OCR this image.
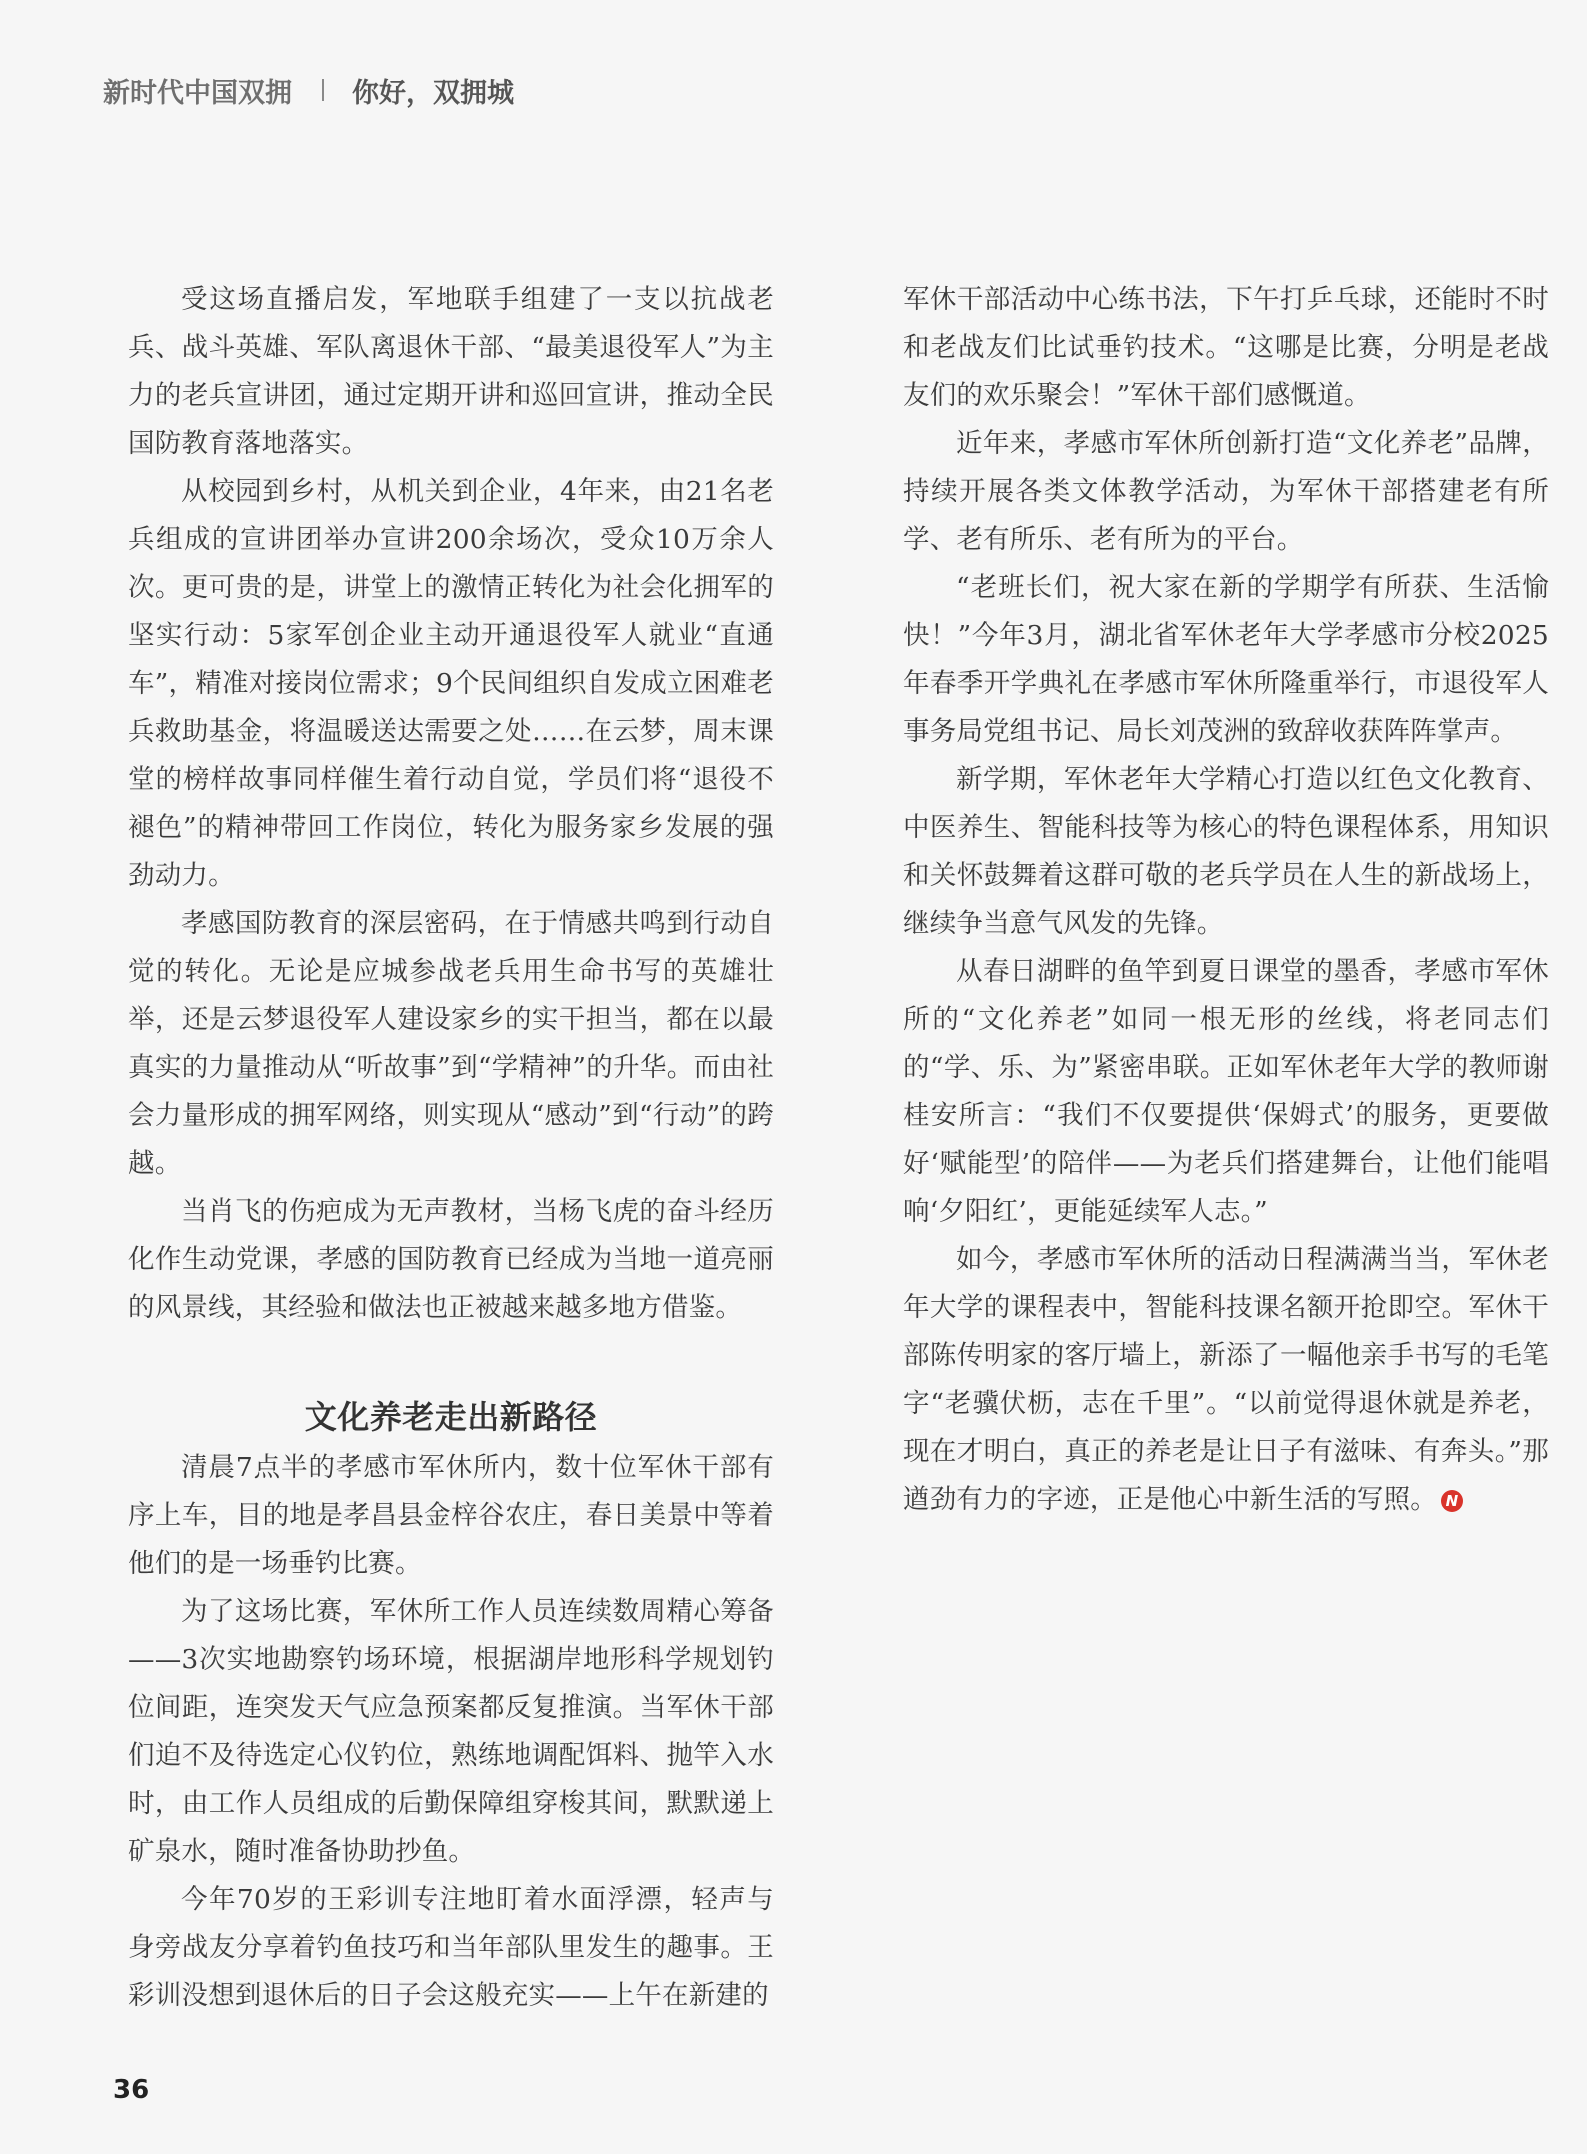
新时代中国双拥 你好，双拥城

受这场直播启发，军地联手组建了一支以抗战老兵、战斗英雄、军队离退休干部、“最美退役军人”为主力的老兵宣讲团，通过定期开讲和巡回宣讲，推动全民国防教育落地落实。

从校园到乡村，从机关到企业，4年来，由21名老兵组成的宣讲团举办宣讲200余场次，受众10万余人次。更可贵的是，讲堂上的激情正转化为社会化拥军的坚实行动：5家军创企业主动开通退役军人就业“直通车”，精准对接岗位需求；9个民间组织自发成立困难老兵救助基金，将温暖送达需要之处……在云梦，周末课堂的榜样故事同样催生着行动自觉，学员们将“退役不褪色”的精神带回工作岗位，转化为服务家乡发展的强劲动力。

孝感国防教育的深层密码，在于情感共鸣到行动自觉的转化。无论是应城参战老兵用生命书写的英雄壮举，还是云梦退役军人建设家乡的实干担当，都在以最真实的力量推动从“听故事”到“学精神”的升华。而由社会力量形成的拥军网络，则实现从“感动”到“行动”的跨越。

当肖飞的伤疤成为无声教材，当杨飞虎的奋斗经历化作生动党课，孝感的国防教育已经成为当地一道亮丽的风景线，其经验和做法也正被越来越多地方借鉴。

文化养老走出新路径

清晨7点半的孝感市军休所内，数十位军休干部有序上车，目的地是孝昌县金梓谷农庄，春日美景中等着他们的是一场垂钓比赛。

为了这场比赛，军休所工作人员连续数周精心筹备——3次实地勘察钓场环境，根据湖岸地形科学规划钓位间距，连突发天气应急预案都反复推演。当军休干部们迫不及待选定心仪钓位，熟练地调配饵料、抛竿入水时，由工作人员组成的后勤保障组穿梭其间，默默递上矿泉水，随时准备协助抄鱼。

今年70岁的王彩训专注地盯着水面浮漂，轻声与身旁战友分享着钓鱼技巧和当年部队里发生的趣事。王彩训没想到退休后的日子会这般充实——上午在新建的

军休干部活动中心练书法，下午打乒乓球，还能时不时和老战友们比试垂钓技术。“这哪是比赛，分明是老战友们的欢乐聚会！”军休干部们感慨道。

近年来，孝感市军休所创新打造“文化养老”品牌，持续开展各类文体教学活动，为军休干部搭建老有所学、老有所乐、老有所为的平台。

“老班长们，祝大家在新的学期学有所获、生活愉快！”今年3月，湖北省军休老年大学孝感市分校2025年春季开学典礼在孝感市军休所隆重举行，市退役军人事务局党组书记、局长刘茂洲的致辞收获阵阵掌声。

新学期，军休老年大学精心打造以红色文化教育、中医养生、智能科技等为核心的特色课程体系，用知识和关怀鼓舞着这群可敬的老兵学员在人生的新战场上，继续争当意气风发的先锋。

从春日湖畔的鱼竿到夏日课堂的墨香，孝感市军休所的“文化养老”如同一根无形的丝线，将老同志们的“学、乐、为”紧密串联。正如军休老年大学的教师谢桂安所言：“我们不仅要提供‘保姆式’的服务，更要做好‘赋能型’的陪伴——为老兵们搭建舞台，让他们能唱响‘夕阳红’，更能延续军人志。”

如今，孝感市军休所的活动日程满满当当，军休老年大学的课程表中，智能科技课名额开抢即空。军休干部陈传明家的客厅墙上，新添了一幅他亲手书写的毛笔字“老骥伏枥，志在千里”。“以前觉得退休就是养老，现在才明白，真正的养老是让日子有滋味、有奔头。”那遒劲有力的字迹，正是他心中新生活的写照。 N

36
